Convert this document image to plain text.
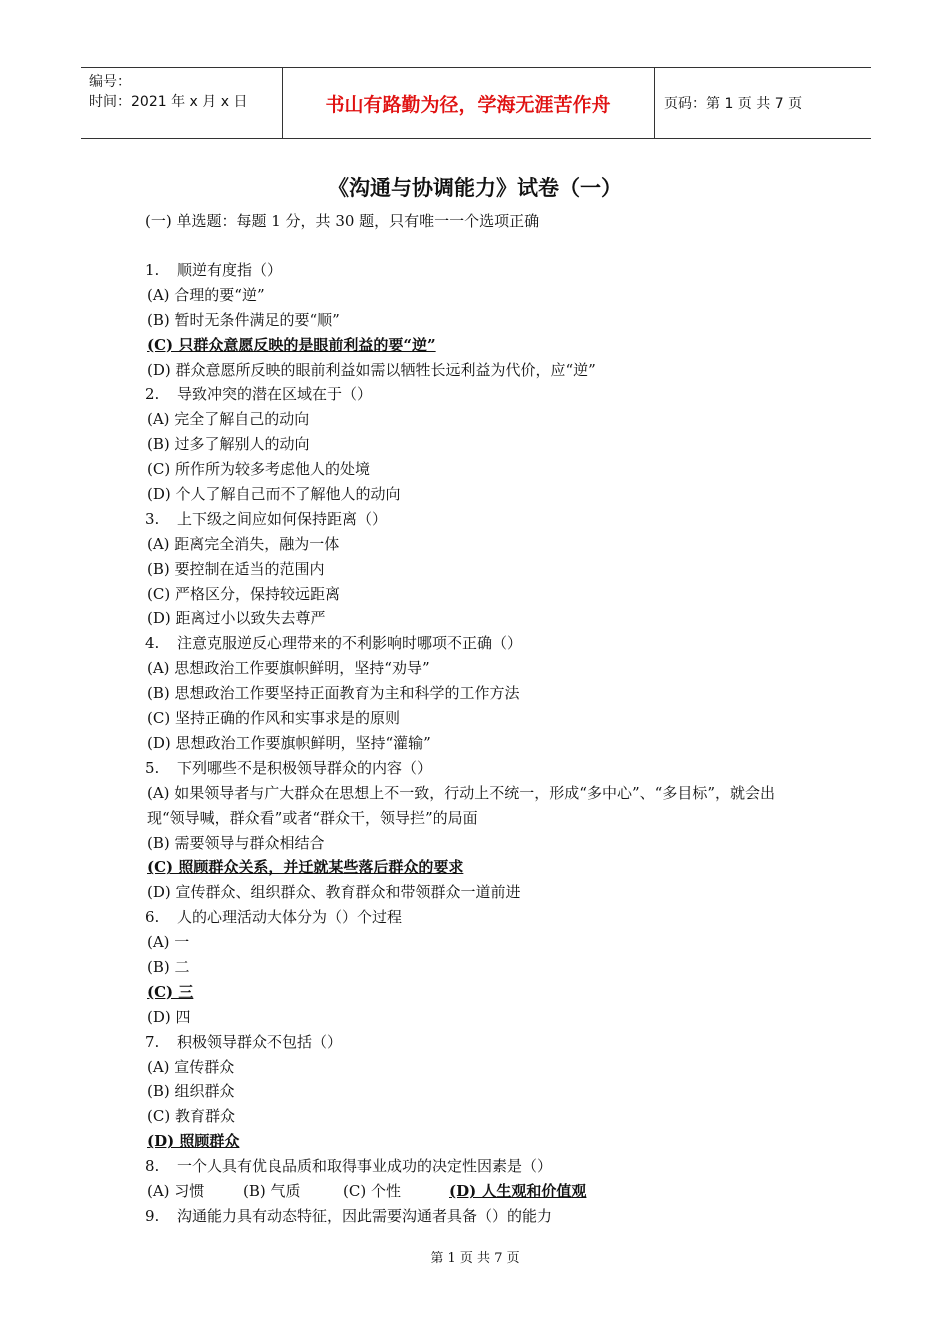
编号：
时间：2021 年 x 月 x 日	书山有路勤为径，学海无涯苦作舟	页码：第 1 页 共 7 页
《沟通与协调能力》试卷（一）
(一) 单选题：每题 1 分，共 30 题，只有唯一一个选项正确
1. 顺逆有度指（）
(A) 合理的要“逆”
(B) 暂时无条件满足的要“顺”
(C) 只群众意愿反映的是眼前利益的要“逆”
(D) 群众意愿所反映的眼前利益如需以牺牲长远利益为代价，应“逆”
2. 导致冲突的潜在区域在于（）
(A) 完全了解自己的动向
(B) 过多了解别人的动向
(C) 所作所为较多考虑他人的处境
(D) 个人了解自己而不了解他人的动向
3. 上下级之间应如何保持距离（）
(A) 距离完全消失，融为一体
(B) 要控制在适当的范围内
(C) 严格区分，保持较远距离
(D) 距离过小以致失去尊严
4. 注意克服逆反心理带来的不利影响时哪项不正确（）
(A) 思想政治工作要旗帜鲜明，坚持“劝导”
(B) 思想政治工作要坚持正面教育为主和科学的工作方法
(C) 坚持正确的作风和实事求是的原则
(D) 思想政治工作要旗帜鲜明，坚持“灌输”
5. 下列哪些不是积极领导群众的内容（）
(A) 如果领导者与广大群众在思想上不一致，行动上不统一，形成“多中心”、“多目标”，就会出现“领导喊，群众看”或者“群众干，领导拦”的局面
(B) 需要领导与群众相结合
(C) 照顾群众关系，并迁就某些落后群众的要求
(D) 宣传群众、组织群众、教育群众和带领群众一道前进
6. 人的心理活动大体分为（）个过程
(A) 一
(B) 二
(C) 三
(D) 四
7. 积极领导群众不包括（）
(A) 宣传群众
(B) 组织群众
(C) 教育群众
(D) 照顾群众
8. 一个人具有优良品质和取得事业成功的决定性因素是（）
(A) 习惯	(B) 气质	(C) 个性	(D) 人生观和价值观
9. 沟通能力具有动态特征，因此需要沟通者具备（）的能力
第 1 页 共 7 页
